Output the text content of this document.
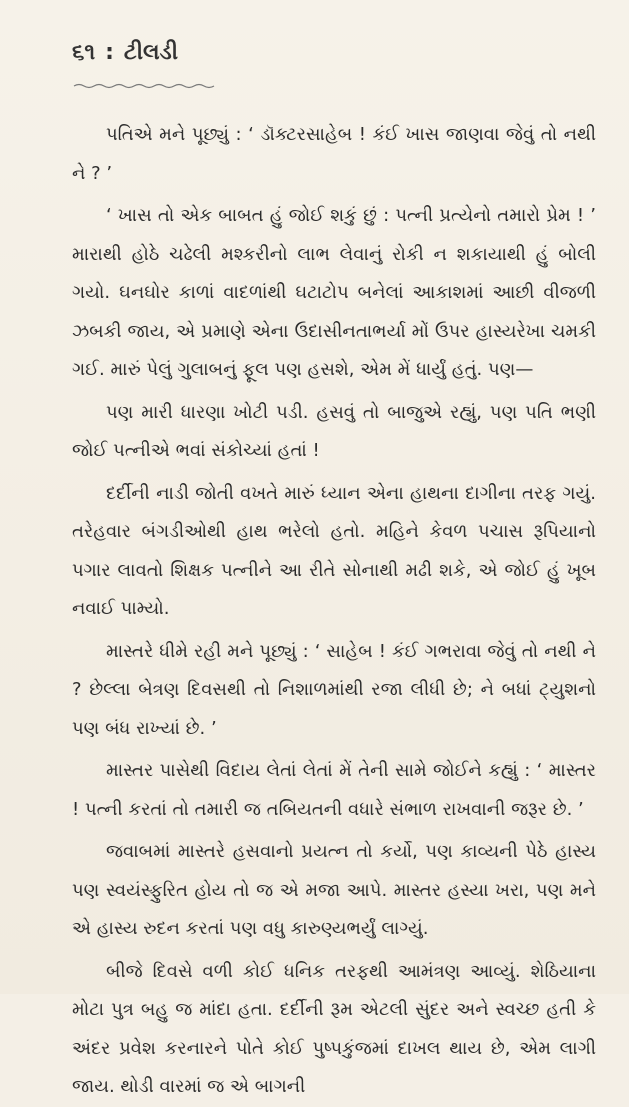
૬૧ : ટીલડી

પતિએ મને પૂછ્યું : ‘ ડૉક્ટરસાહેબ ! કંઈ ખાસ જાણવા જેવું તો નથી ને ? ’

‘ ખાસ તો એક બાબત હું જોઈ શકું છું : પત્ની પ્રત્યેનો તમારો પ્રેમ ! ’ મારાથી હોઠે ચઢેલી મશ્કરીનો લાભ લેવાનું રોકી ન શકાયાથી હું બોલી ગયો. ઘનઘોર કાળાં વાદળાંથી ઘટાટોપ બનેલાં આકાશમાં આછી વીજળી ઝબકી જાય, એ પ્રમાણે એના ઉદાસીનતાભર્યા મોં ઉપર હાસ્યરેખા ચમકી ગઈ. મારું પેલું ગુલાબનું ફૂલ પણ હસશે, એમ મેં ધાર્યું હતું. પણ—

પણ મારી ધારણા ખોટી પડી. હસવું તો બાજુએ રહ્યું, પણ પતિ ભણી જોઈ પત્નીએ ભવાં સંકોચ્યાં હતાં !

દર્દીની નાડી જોતી વખતે મારું ધ્યાન એના હાથના દાગીના તરફ ગયું. તરેહવાર બંગડીઓથી હાથ ભરેલો હતો. મહિને કેવળ પચાસ રૂપિયાનો પગાર લાવતો શિક્ષક પત્નીને આ રીતે સોનાથી મઢી શકે, એ જોઈ હું ખૂબ નવાઈ પામ્યો.

માસ્તરે ધીમે રહી મને પૂછ્યું : ‘ સાહેબ ! કંઈ ગભરાવા જેવું તો નથી ને ? છેલ્લા બેત્રણ દિવસથી તો નિશાળમાંથી રજા લીધી છે; ને બધાં ટ્યુશનો પણ બંધ રાખ્યાં છે. ’

માસ્તર પાસેથી વિદાય લેતાં લેતાં મેં તેની સામે જોઈને કહ્યું : ‘ માસ્તર ! પત્ની કરતાં તો તમારી જ તબિયતની વધારે સંભાળ રાખવાની જરૂર છે. ’

જવાબમાં માસ્તરે હસવાનો પ્રયત્ન તો કર્યો, પણ કાવ્યની પેઠે હાસ્ય પણ સ્વયંસ્ફુરિત હોય તો જ એ મજા આપે. માસ્તર હસ્યા ખરા, પણ મને એ હાસ્ય રુદન કરતાં પણ વધુ કારુણ્યભર્યું લાગ્યું.

બીજે દિવસે વળી કોઈ ધનિક તરફથી આમંત્રણ આવ્યું. શેઠિયાના મોટા પુત્ર બહુ જ માંદા હતા. દર્દીની રૂમ એટલી સુંદર અને સ્વચ્છ હતી કે અંદર પ્રવેશ કરનારને પોતે કોઈ પુષ્પકુંજમાં દાખલ થાય છે, એમ લાગી જાય. થોડી વારમાં જ એ બાગની
